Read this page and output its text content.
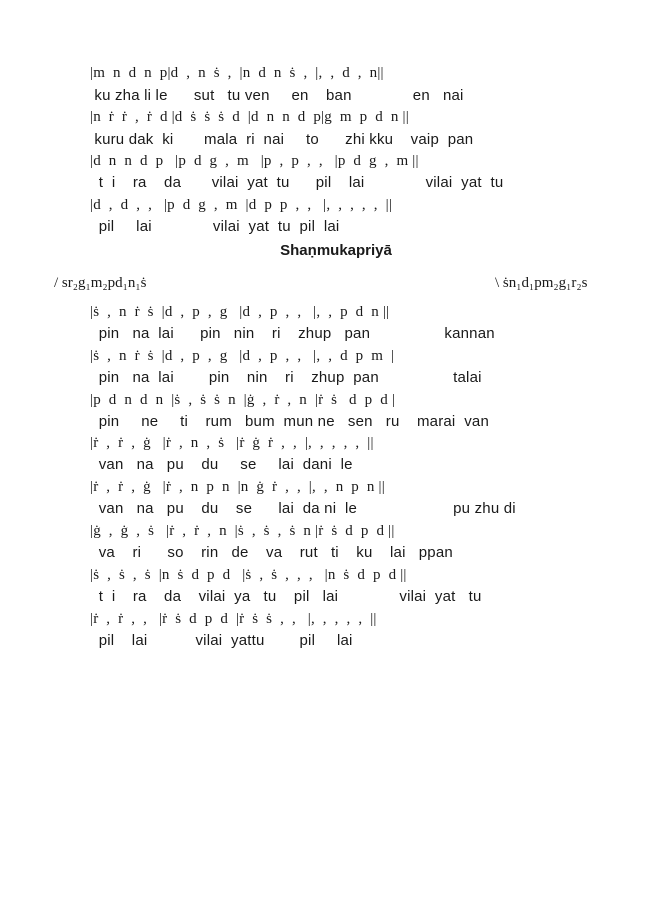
|m  n  d  n  p|d  ,  n  ṡ  ,  |n  d  n  ṡ  ,  |,  ,  d  ,  n||
ku zha li le      sut   tu ven     en    ban              en   nai
|n  ṙ  ṙ  ,  ṙ  d |d  ṡ  ṡ  ṡ  d  |d  n  n  d  p|g  m  p  d  n ||
kuru dak  ki       mala  ri  nai     to      zhi kku    vaip  pan
|d  n  n  d  p   |p  d  g  ,  m   |p  ,  p  ,  ,   |p  d  g  ,  m ||
t  i    ra    da       vilai  yat  tu      pil    lai              vilai  yat  tu
|d  ,  d  ,  ,   |p  d  g  ,  m  |d  p  p  ,  ,   |,  ,  ,  ,  ,  ||
pil     lai              vilai  yat  tu  pil  lai
Shaṇmukapriyā
/ sr₂g₁m₂pd₁n₁ṡ	\ ṡn₁d₁pm₂g₁r₂s
|ṡ  ,  n  ṙ  ṡ  |d  ,  p  ,  g   |d  ,  p  ,  ,   |,  ,  p  d  n ||
pin   na  lai      pin   nin    ri    zhup   pan                 kannan
|ṡ  ,  n  ṙ  ṡ  |d  ,  p  ,  g   |d  ,  p  ,  ,   |,  ,  d  p  m  |
pin   na  lai        pin    nin    ri    zhup  pan                 talai
|p  d  n  d  n  |ṡ  ,  ṡ  ṡ  n  |ġ  ,  ṙ  ,  n  |ṙ  ṡ   d  p  d |
pin     ne     ti    rum   bum  mun ne   sen   ru    marai  van
|ṙ  ,  ṙ  ,  ġ   |ṙ  ,  n  ,  ṡ   |ṙ  ġ  ṙ  ,  ,  |,  ,  ,  ,  ,  ||
van   na   pu    du     se     lai  dani  le
|ṙ  ,  ṙ  ,  ġ   |ṙ  ,  n  p  n  |n  ġ  ṙ  ,  ,  |,  ,  n  p  n ||
van   na   pu    du    se      lai  da ni  le                      pu zhu di
|ġ  ,  ġ  ,  ṡ   |ṙ  ,  ṙ  ,  n  |ṡ  ,  ṡ  ,  ṡ  n |ṙ  ṡ  d  p  d ||
va    ri      so    rin   de    va    rut   ti    ku    lai   ppan
|ṡ  ,  ṡ  ,  ṡ  |n  ṡ  d  p  d   |ṡ  ,  ṡ  ,  ,  ,   |n  ṡ  d  p  d ||
t  i    ra    da    vilai  ya   tu    pil   lai              vilai  yat   tu
|ṙ  ,  ṙ  ,  ,   |ṙ  ṡ  d  p  d  |ṙ  ṡ  ṡ  ,  ,   |,  ,  ,  ,  ,  ||
pil    lai           vilai  yattu        pil     lai
